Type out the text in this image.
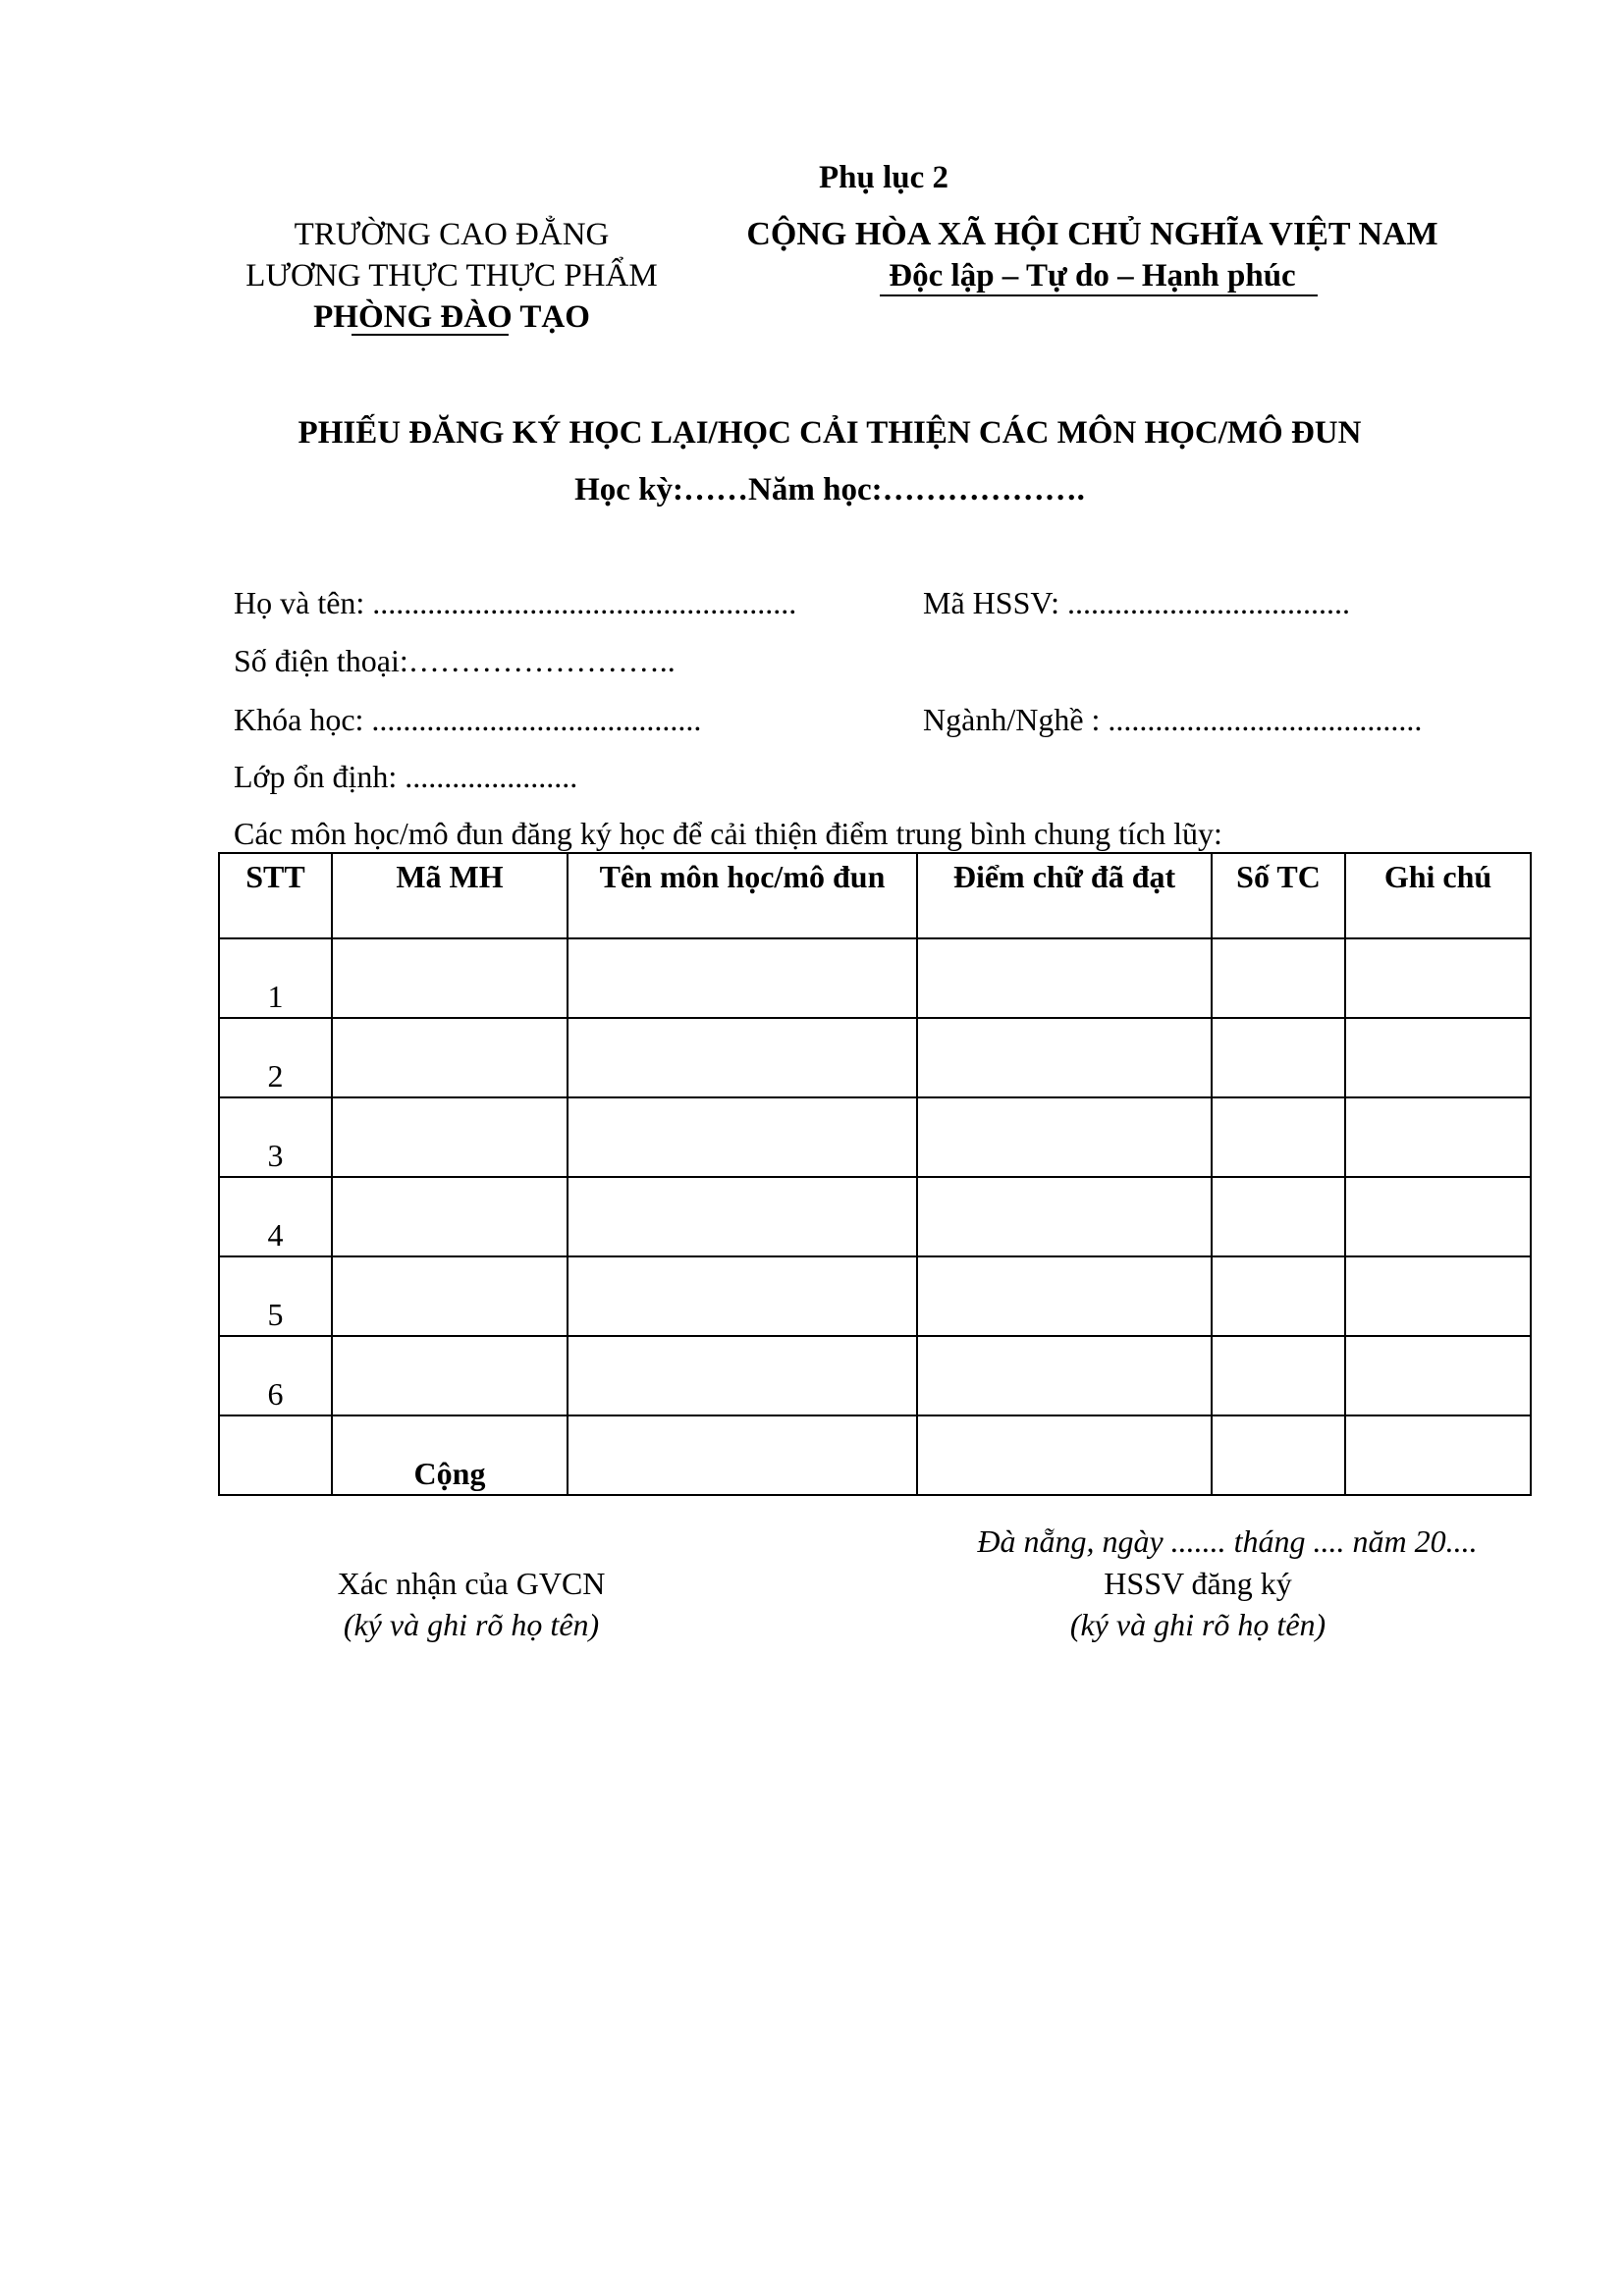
Phụ lục 2
TRƯỜNG CAO ĐẲNG
LƯƠNG THỰC THỰC PHẨM
PHÒNG ĐÀO TẠO
CỘNG HÒA XÃ HỘI CHỦ NGHĨA VIỆT NAM
Độc lập – Tự do – Hạnh phúc
PHIẾU ĐĂNG KÝ HỌC LẠI/HỌC CẢI THIỆN CÁC MÔN HỌC/MÔ ĐUN
Học kỳ:……Năm học:……………….
Họ và tên: ......................................................	Mã HSSV: ....................................
Số điện thoại:……………………..
Khóa học: ..........................................	Ngành/Nghề : ........................................
Lớp ổn định: ......................
Các môn học/mô đun đăng ký học để cải thiện điểm trung bình chung tích lũy:
STT	Mã MH	Tên môn học/mô đun	Điểm chữ đã đạt	Số TC	Ghi chú
1					
2					
3					
4					
5					
6					
	Cộng				
Đà nẵng, ngày ....... tháng .... năm 20....
Xác nhận của GVCN
(ký và ghi rõ họ tên)
HSSV đăng ký
(ký và ghi rõ họ tên)
